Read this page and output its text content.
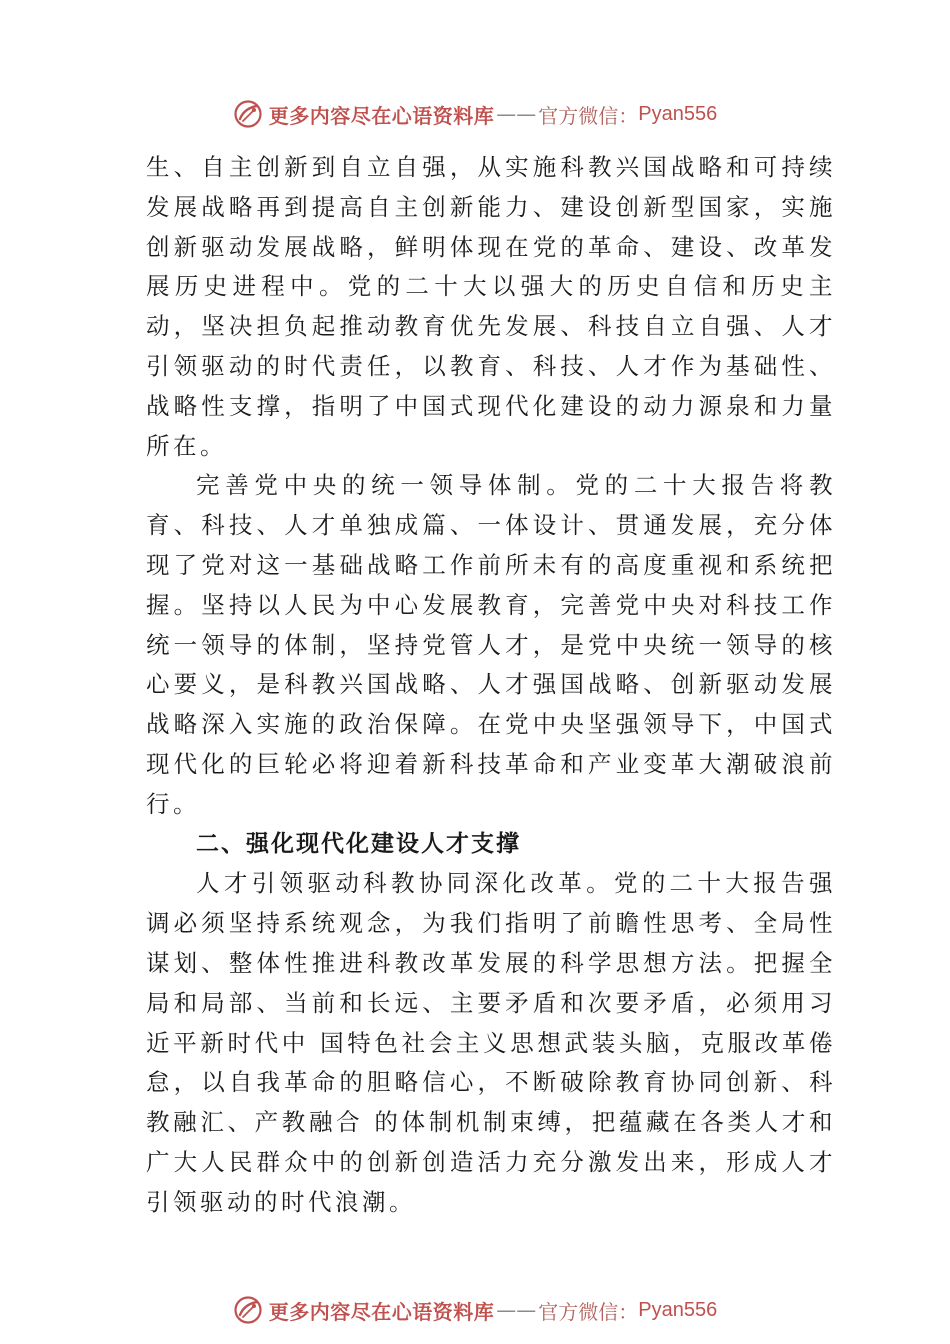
更多内容尽在心语资料库 —— 官方微信： Pyan556

生、自主创新到自立自强，从实施科教兴国战略和可持续发展战略再到提高自主创新能力、建设创新型国家，实施创新驱动发展战略，鲜明体现在党的革命、建设、改革发展历史进程中。党的二十大以强大的历史自信和历史主动，坚决担负起推动教育优先发展、科技自立自强、人才引领驱动的时代责任，以教育、科技、人才作为基础性、战略性支撑，指明了中国式现代化建设的动力源泉和力量所在。

完善党中央的统一领导体制。党的二十大报告将教育、科技、人才单独成篇、一体设计、贯通发展，充分体现了党对这一基础战略工作前所未有的高度重视和系统把握。坚持以人民为中心发展教育，完善党中央对科技工作统一领导的体制，坚持党管人才，是党中央统一领导的核心要义，是科教兴国战略、人才强国战略、创新驱动发展战略深入实施的政治保障。在党中央坚强领导下，中国式现代化的巨轮必将迎着新科技革命和产业变革大潮破浪前行。

二、强化现代化建设人才支撑

人才引领驱动科教协同深化改革。党的二十大报告强调必须坚持系统观念，为我们指明了前瞻性思考、全局性谋划、整体性推进科教改革发展的科学思想方法。把握全局和局部、当前和长远、主要矛盾和次要矛盾，必须用习近平新时代中 国特色社会主义思想武装头脑，克服改革倦怠，以自我革命的胆略信心，不断破除教育协同创新、科教融汇、产教融合 的体制机制束缚，把蕴藏在各类人才和广大人民群众中的创新创造活力充分激发出来，形成人才引领驱动的时代浪潮。

更多内容尽在心语资料库 —— 官方微信： Pyan556
